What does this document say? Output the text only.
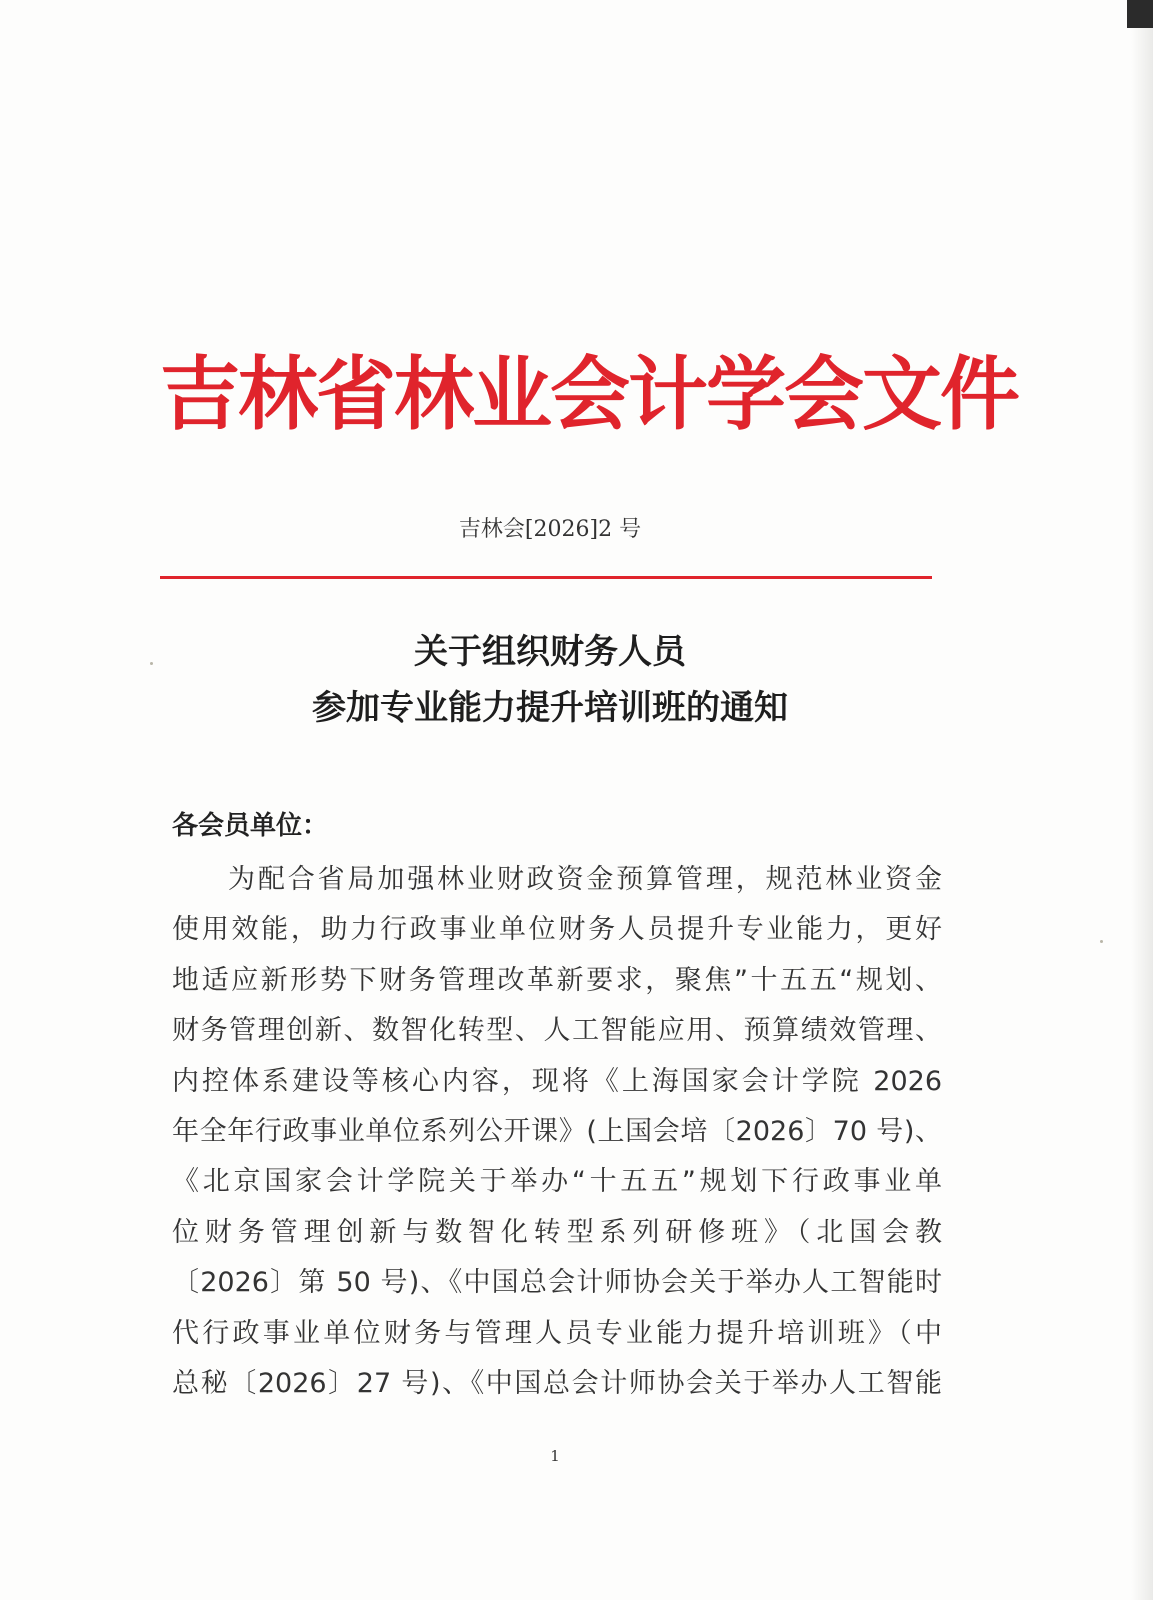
吉林省林业会计学会文件
吉林会[2026]2 号
关于组织财务人员
参加专业能力提升培训班的通知
各会员单位：
为配合省局加强林业财政资金预算管理，规范林业资金
使用效能，助力行政事业单位财务人员提升专业能力，更好
地适应新形势下财务管理改革新要求，聚焦”十五五“规划、
财务管理创新、数智化转型、人工智能应用、预算绩效管理、
内控体系建设等核心内容，现将《上海国家会计学院 2026
年全年行政事业单位系列公开课》(上国会培〔2026〕70 号)、
《北京国家会计学院关于举办“十五五”规划下行政事业单
位财务管理创新与数智化转型系列研修班》（北国会教
〔2026〕第 50 号)、《中国总会计师协会关于举办人工智能时
代行政事业单位财务与管理人员专业能力提升培训班》（中
总秘〔2026〕27 号)、《中国总会计师协会关于举办人工智能
1
